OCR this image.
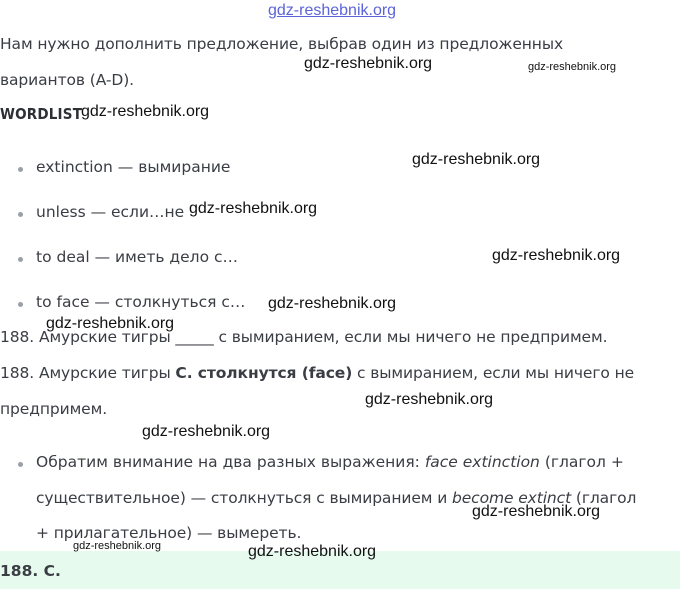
gdz-reshebnik.org
Нам нужно дополнить предложение, выбрав один из предложенных
вариантов (A-D).
WORDLIST
extinction — вымирание
unless — если…не
to deal — иметь дело с…
to face — столкнуться с…
188. Амурские тигры _____ с вымиранием, если мы ничего не предпримем.
188. Амурские тигры C. столкнутся (face) с вымиранием, если мы ничего не
предпримем.
Обратим внимание на два разных выражения: face extinction (глагол +
существительное) — столкнуться с вымиранием и become extinct (глагол
+ прилагательное) — вымереть.
188. C.
gdz-reshebnik.org	gdz-reshebnik.org
gdz-reshebnik.org
gdz-reshebnik.org
gdz-reshebnik.org
gdz-reshebnik.org
gdz-reshebnik.org
gdz-reshebnik.org
gdz-reshebnik.org
gdz-reshebnik.org
gdz-reshebnik.org
gdz-reshebnik.org	gdz-reshebnik.org
